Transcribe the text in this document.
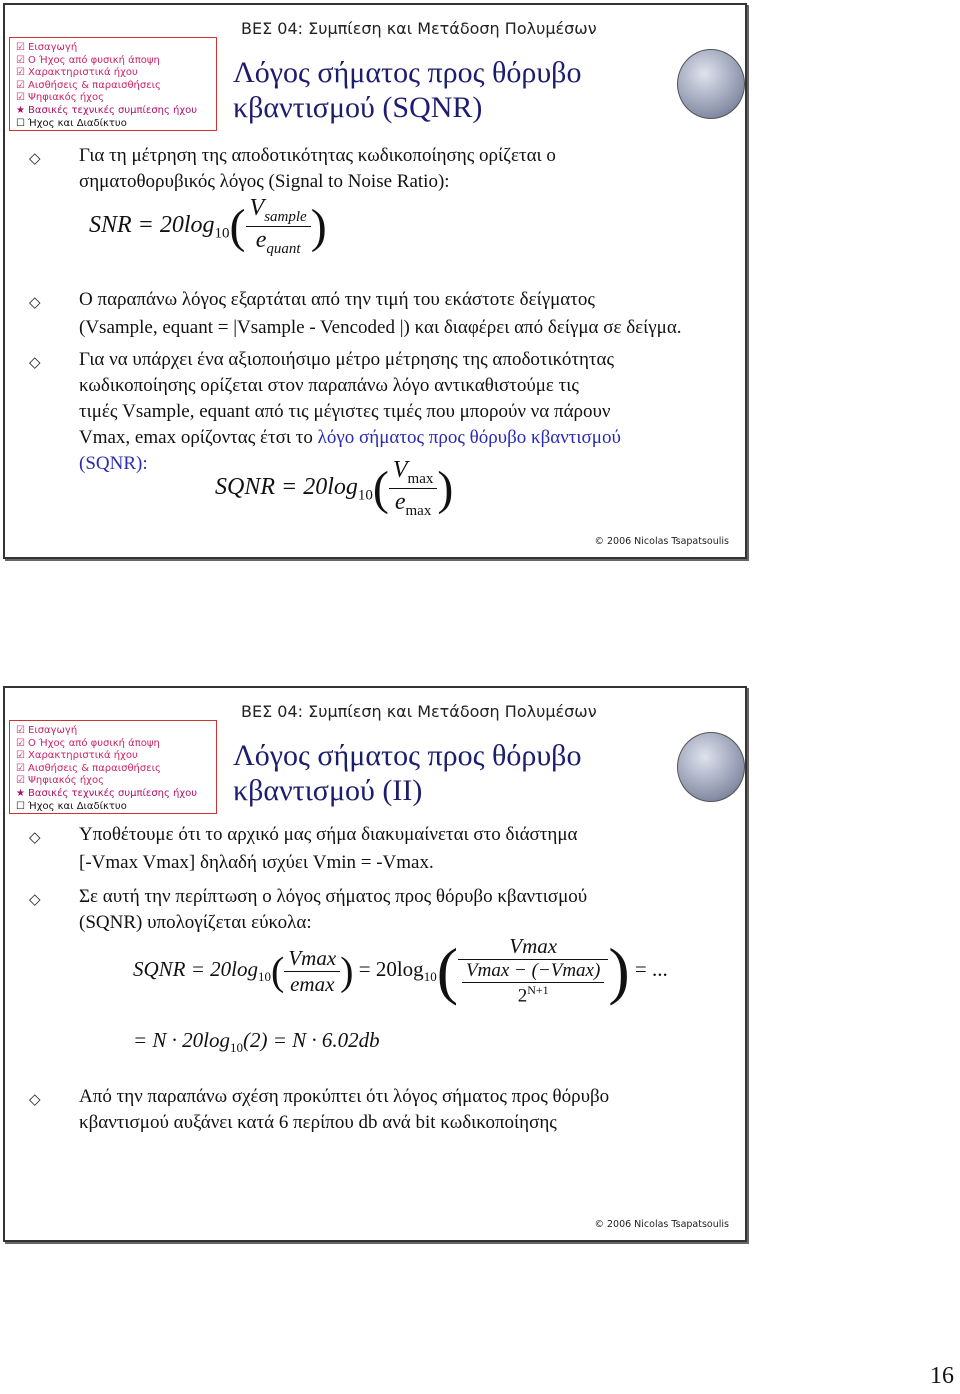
ΒΕΣ 04: Συμπίεση και Μετάδοση Πολυμέσων
☑ Εισαγωγή
☑ Ο Ήχος από φυσική άποψη
☑ Χαρακτηριστικά ήχου
☑ Αισθήσεις & παραισθήσεις
☑ Ψηφιακός ήχος
★ Βασικές τεχνικές συμπίεσης ήχου
☐ Ήχος και Διαδίκτυο
Λόγος σήματος προς θόρυβο
κβαντισμού (SQNR)
◇ Για τη μέτρηση της αποδοτικότητας κωδικοποίησης ορίζεται ο
σηματοθορυβικός λόγος (Signal to Noise Ratio):
SNR = $20\log_{10}( \frac{V_{sample}}{e_{quant}}$ )
◇ Ο παραπάνω λόγος εξαρτάται από την τιμή του εκάστοτε δείγματος
(Vsample, equant = |Vsample - Vencoded |) και διαφέρει από δείγμα σε δείγμα.
◇ Για να υπάρχει ένα αξιοποιήσιμο μέτρο μέτρησης της αποδοτικότητας
κωδικοποίησης ορίζεται στον παραπάνω λόγο αντικαθιστούμε τις
τιμές Vsample, equant από τις μέγιστες τιμές που μπορούν να πάρουν
Vmax, emax ορίζοντας έτσι το λόγο σήματος προς θόρυβο κβαντισμού
(SQNR):
SQNR = $20\log_{10}( \frac{V_{max}}{e_{max}}$ )
© 2006 Nicolas Tsapatsoulis
ΒΕΣ 04: Συμπίεση και Μετάδοση Πολυμέσων
☑ Εισαγωγή
☑ Ο Ήχος από φυσική άποψη
☑ Χαρακτηριστικά ήχου
☑ Αισθήσεις & παραισθήσεις
☑ Ψηφιακός ήχος
★ Βασικές τεχνικές συμπίεσης ήχου
☐ Ήχος και Διαδίκτυο
Λόγος σήματος προς θόρυβο
κβαντισμού (II)
◇ Υποθέτουμε ότι το αρχικό μας σήμα διακυμαίνεται στο διάστημα
[-Vmax Vmax] δηλαδή ισχύει Vmin = -Vmax.
◇ Σε αυτή την περίπτωση ο λόγος σήματος προς θόρυβο κβαντισμού
(SQNR) υπολογίζεται εύκολα:
SQNR = $20\log_{10}( \frac{Vmax}{emax}$ ) = $20\log_{10}( \frac{Vmax}{\frac{Vmax - (-Vmax)}{2^{N+1}}}$ ) = ...
= $N \cdot 20\log_{10}(2) = N \cdot 6.02db$
◇ Από την παραπάνω σχέση προκύπτει ότι λόγος σήματος προς θόρυβο
κβαντισμού αυξάνει κατά 6 περίπου db ανά bit κωδικοποίησης
© 2006 Nicolas Tsapatsoulis
16
